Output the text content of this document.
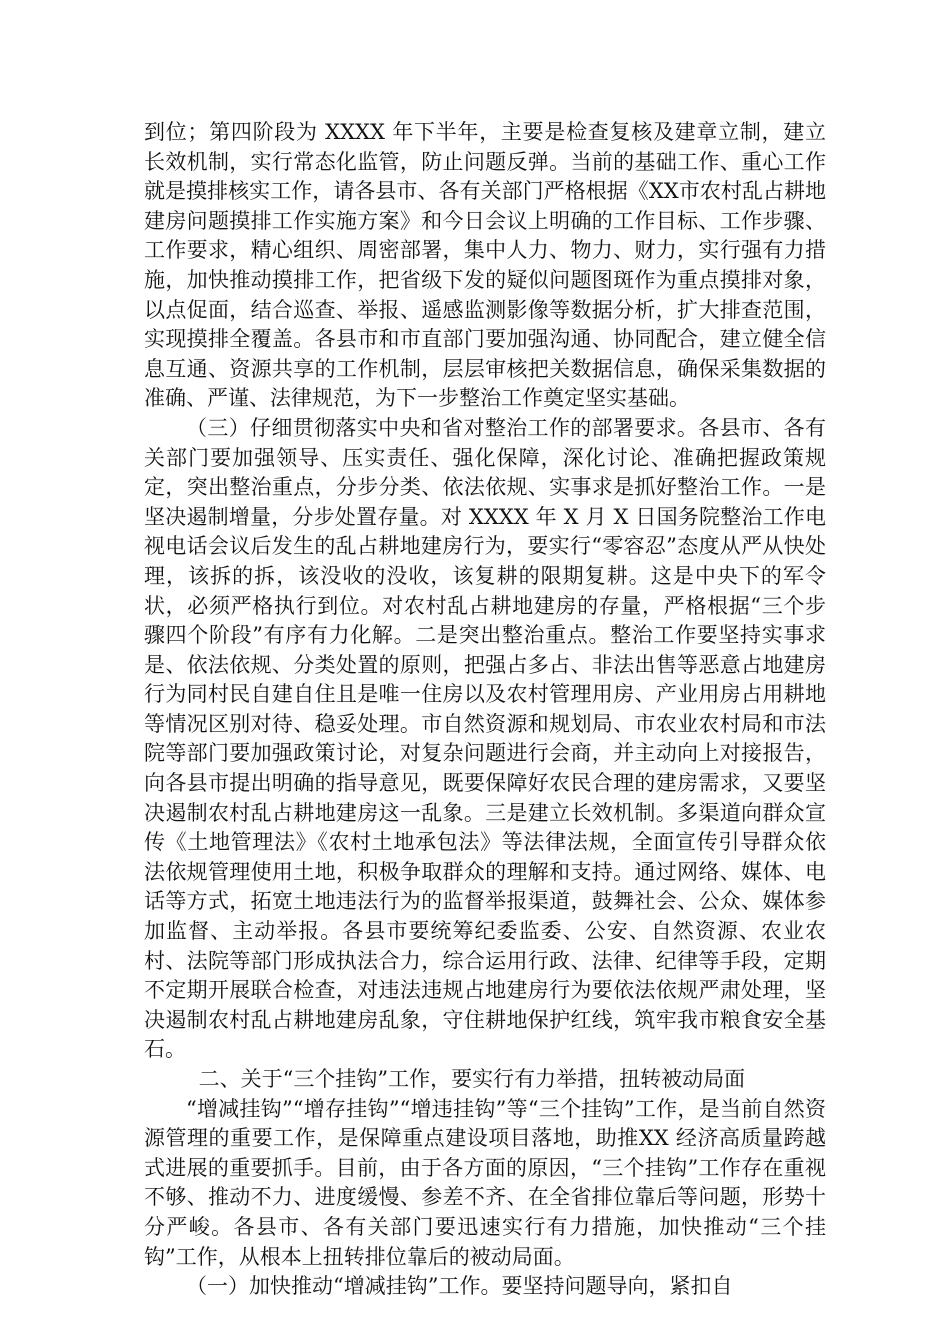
到位；第四阶段为 XXXX 年下半年，主要是检查复核及建章立制，建立长效机制，实行常态化监管，防止问题反弹。当前的基础工作、重心工作就是摸排核实工作，请各县市、各有关部门严格根据《XX市农村乱占耕地建房问题摸排工作实施方案》和今日会议上明确的工作目标、工作步骤、工作要求，精心组织、周密部署，集中人力、物力、财力，实行强有力措施，加快推动摸排工作，把省级下发的疑似问题图斑作为重点摸排对象，以点促面，结合巡查、举报、遥感监测影像等数据分析，扩大排查范围，实现摸排全覆盖。各县市和市直部门要加强沟通、协同配合，建立健全信息互通、资源共享的工作机制，层层审核把关数据信息，确保采集数据的准确、严谨、法律规范，为下一步整治工作奠定坚实基础。

（三）仔细贯彻落实中央和省对整治工作的部署要求。各县市、各有关部门要加强领导、压实责任、强化保障，深化讨论、准确把握政策规定，突出整治重点，分步分类、依法依规、实事求是抓好整治工作。一是坚决遏制增量，分步处置存量。对 XXXX 年 X 月 X 日国务院整治工作电视电话会议后发生的乱占耕地建房行为，要实行“零容忍”态度从严从快处理，该拆的拆，该没收的没收，该复耕的限期复耕。这是中央下的军令状，必须严格执行到位。对农村乱占耕地建房的存量，严格根据“三个步骤四个阶段”有序有力化解。二是突出整治重点。整治工作要坚持实事求是、依法依规、分类处置的原则，把强占多占、非法出售等恶意占地建房行为同村民自建自住且是唯一住房以及农村管理用房、产业用房占用耕地等情况区别对待、稳妥处理。市自然资源和规划局、市农业农村局和市法院等部门要加强政策讨论，对复杂问题进行会商，并主动向上对接报告，向各县市提出明确的指导意见，既要保障好农民合理的建房需求，又要坚决遏制农村乱占耕地建房这一乱象。三是建立长效机制。多渠道向群众宣传《土地管理法》《农村土地承包法》等法律法规，全面宣传引导群众依法依规管理使用土地，积极争取群众的理解和支持。通过网络、媒体、电话等方式，拓宽土地违法行为的监督举报渠道，鼓舞社会、公众、媒体参加监督、主动举报。各县市要统筹纪委监委、公安、自然资源、农业农村、法院等部门形成执法合力，综合运用行政、法律、纪律等手段，定期不定期开展联合检查，对违法违规占地建房行为要依法依规严肃处理，坚决遏制农村乱占耕地建房乱象，守住耕地保护红线，筑牢我市粮食安全基石。

二、关于“三个挂钩”工作，要实行有力举措，扭转被动局面

“增减挂钩”“增存挂钩”“增违挂钩”等“三个挂钩”工作，是当前自然资源管理的重要工作，是保障重点建设项目落地，助推XX 经济高质量跨越式进展的重要抓手。目前，由于各方面的原因，“三个挂钩”工作存在重视不够、推动不力、进度缓慢、参差不齐、在全省排位靠后等问题，形势十分严峻。各县市、各有关部门要迅速实行有力措施，加快推动“三个挂钩”工作，从根本上扭转排位靠后的被动局面。

（一）加快推动“增减挂钩”工作。要坚持问题导向，紧扣自
